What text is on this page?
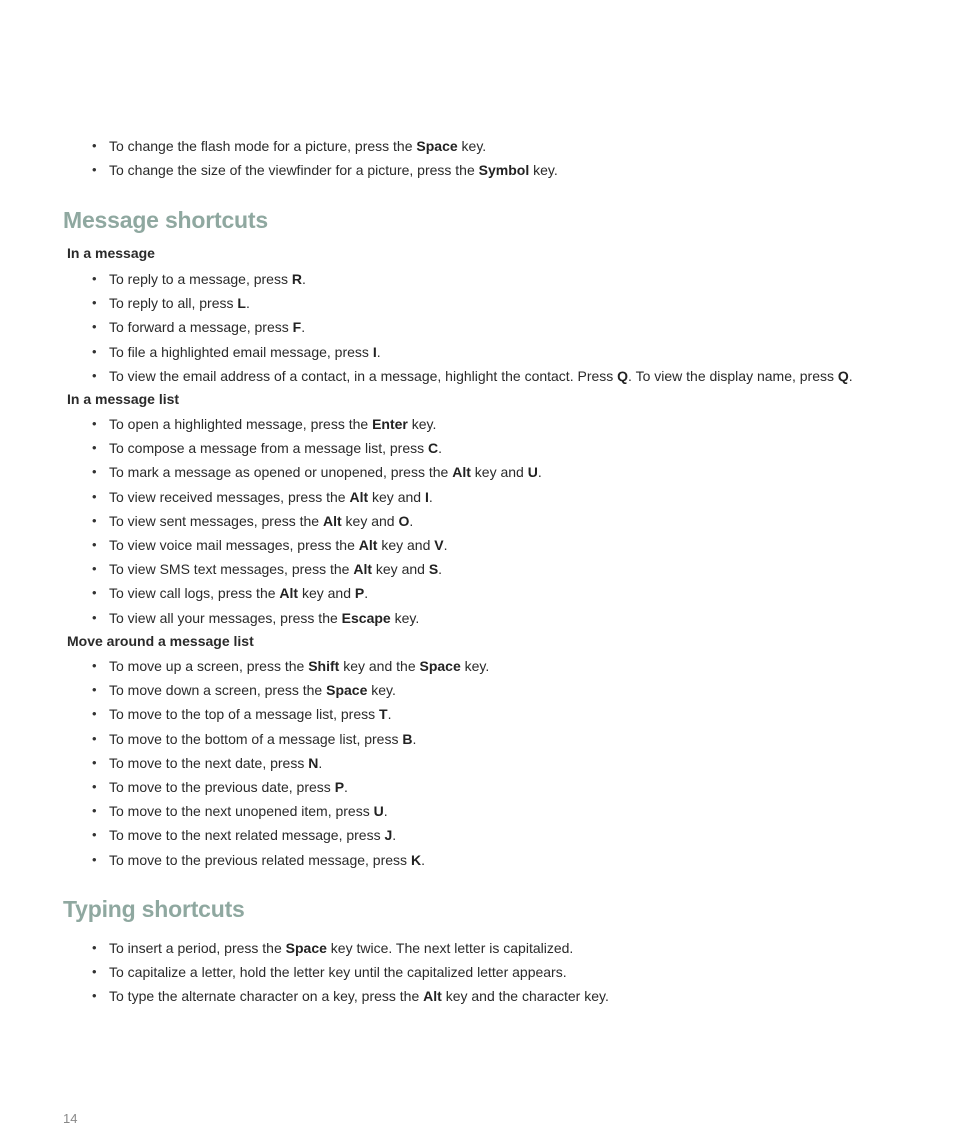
• To change the flash mode for a picture, press the Space key.
• To change the size of the viewfinder for a picture, press the Symbol key.
Message shortcuts
In a message
• To reply to a message, press R.
• To reply to all, press L.
• To forward a message, press F.
• To file a highlighted email message, press I.
• To view the email address of a contact, in a message, highlight the contact. Press Q. To view the display name, press Q.
In a message list
• To open a highlighted message, press the Enter key.
• To compose a message from a message list, press C.
• To mark a message as opened or unopened, press the Alt key and U.
• To view received messages, press the Alt key and I.
• To view sent messages, press the Alt key and O.
• To view voice mail messages, press the Alt key and V.
• To view SMS text messages, press the Alt key and S.
• To view call logs, press the Alt key and P.
• To view all your messages, press the Escape key.
Move around a message list
• To move up a screen, press the Shift key and the Space key.
• To move down a screen, press the Space key.
• To move to the top of a message list, press T.
• To move to the bottom of a message list, press B.
• To move to the next date, press N.
• To move to the previous date, press P.
• To move to the next unopened item, press U.
• To move to the next related message, press J.
• To move to the previous related message, press K.
Typing shortcuts
• To insert a period, press the Space key twice. The next letter is capitalized.
• To capitalize a letter, hold the letter key until the capitalized letter appears.
• To type the alternate character on a key, press the Alt key and the character key.
14
